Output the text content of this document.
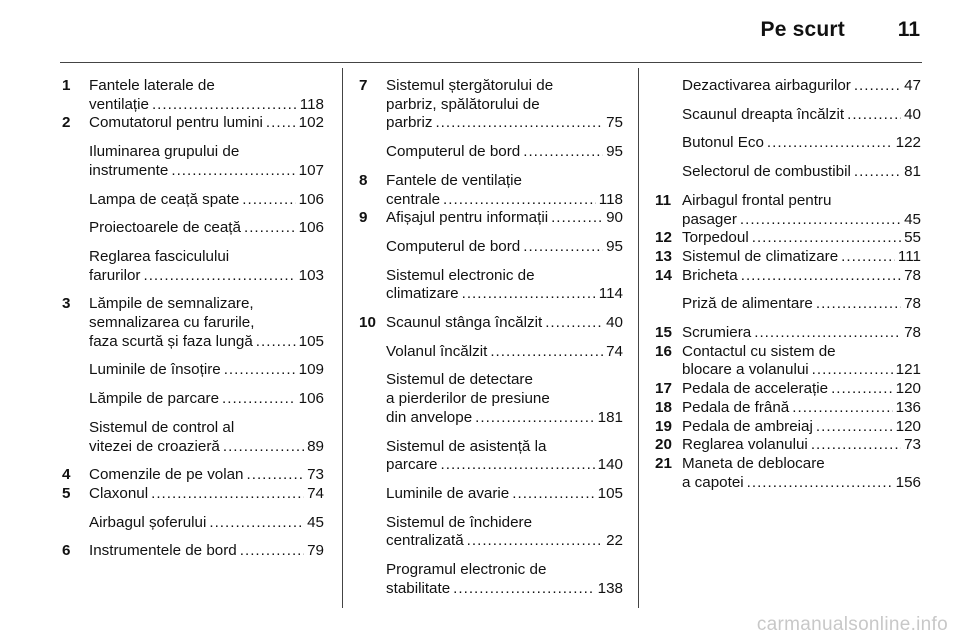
Pe scurt	11
1 Fantele laterale de
ventilație .....	118
2 Comutatorul pentru lumini ..... 102
Iluminarea grupului de
instrumente .....	107
Lampa de ceață spate .....	106
Proiectoarele de ceață .....	106
Reglarea fasciculului
farurilor .....	103
3 Lămpile de semnalizare,
semnalizarea cu farurile,
faza scurtă și faza lungă .....	105
Luminile de însoțire .....	109
Lămpile de parcare .....	106
Sistemul de control al
vitezei de croazieră .....	89
4 Comenzile de pe volan .....	73
5 Claxonul .....	74
Airbagul șoferului .....	45
6 Instrumentele de bord .....	79
7 Sistemul ștergătorului de
parbriz, spălătorului de
parbriz .....	75
Computerul de bord .....	95
8 Fantele de ventilație
centrale .....	118
9 Afișajul pentru informații .....	90
Computerul de bord .....	95
Sistemul electronic de
climatizare .....	114
10 Scaunul stânga încălzit .....	40
Volanul încălzit .....	74
Sistemul de detectare
a pierderilor de presiune
din anvelope .....	181
Sistemul de asistență la
parcare .....	140
Luminile de avarie .....	105
Sistemul de închidere
centralizată .....	22
Programul electronic de
stabilitate .....	138
Dezactivarea airbagurilor .....	47
Scaunul dreapta încălzit .....	40
Butonul Eco .....	122
Selectorul de combustibil .....	81
11 Airbagul frontal pentru
pasager .....	45
12 Torpedoul .....	55
13 Sistemul de climatizare .....	111
14 Bricheta .....	78
Priză de alimentare .....	78
15 Scrumiera .....	78
16 Contactul cu sistem de
blocare a volanului .....	121
17 Pedala de accelerație .....	120
18 Pedala de frână .....	136
19 Pedala de ambreiaj .....	120
20 Reglarea volanului .....	73
21 Maneta de deblocare
a capotei .....	156
carmanualsonline.info
